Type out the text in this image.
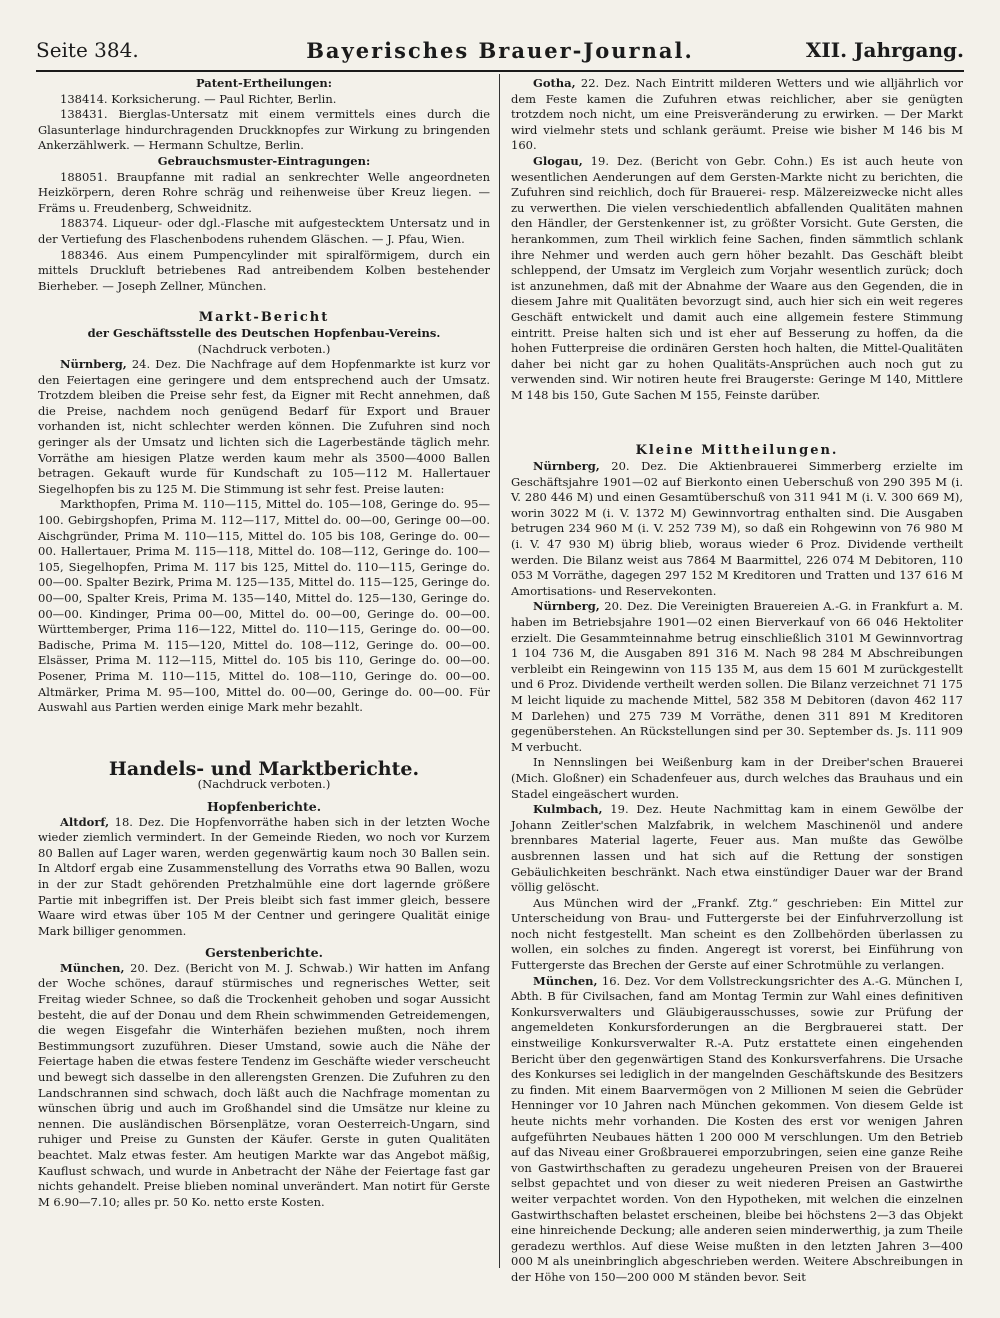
Seite 384.	Bayerisches Brauer-Journal.	XII. Jahrgang.

Patent-Ertheilungen:

138414. Korksicherung. — Paul Richter, Berlin.

138431. Bierglas-Untersatz mit einem vermittels eines durch die Glasunterlage hindurchragenden Druckknopfes zur Wirkung zu bringenden Ankerzählwerk. — Hermann Schultze, Berlin.

Gebrauchsmuster-Eintragungen:

188051. Braupfanne mit radial an senkrechter Welle angeordneten Heizkörpern, deren Rohre schräg und reihenweise über Kreuz liegen. — Främs u. Freudenberg, Schweidnitz.

188374. Liqueur- oder dgl.-Flasche mit aufgestecktem Untersatz und in der Vertiefung des Flaschenbodens ruhendem Gläschen. — J. Pfau, Wien.

188346. Aus einem Pumpencylinder mit spiralförmigem, durch ein mittels Druckluft betriebenes Rad antreibendem Kolben bestehender Bierheber. — Joseph Zellner, München.

Markt-Bericht

der Geschäftsstelle des Deutschen Hopfenbau-Vereins.

(Nachdruck verboten.)

Nürnberg, 24. Dez. Die Nachfrage auf dem Hopfenmarkte ist kurz vor den Feiertagen eine geringere und dem entsprechend auch der Umsatz. Trotzdem bleiben die Preise sehr fest, da Eigner mit Recht annehmen, daß die Preise, nachdem noch genügend Bedarf für Export und Brauer vorhanden ist, nicht schlechter werden können. Die Zufuhren sind noch geringer als der Umsatz und lichten sich die Lagerbestände täglich mehr. Vorräthe am hiesigen Platze werden kaum mehr als 3500—4000 Ballen betragen. Gekauft wurde für Kundschaft zu 105—112 M. Hallertauer Siegelhopfen bis zu 125 M. Die Stimmung ist sehr fest. Preise lauten:

Markthopfen, Prima M. 110—115, Mittel do. 105—108, Geringe do. 95—100. Gebirgshopfen, Prima M. 112—117, Mittel do. 00—00, Geringe 00—00. Aischgründer, Prima M. 110—115, Mittel do. 105 bis 108, Geringe do. 00—00. Hallertauer, Prima M. 115—118, Mittel do. 108—112, Geringe do. 100—105, Siegelhopfen, Prima M. 117 bis 125, Mittel do. 110—115, Geringe do. 00—00. Spalter Bezirk, Prima M. 125—135, Mittel do. 115—125, Geringe do. 00—00, Spalter Kreis, Prima M. 135—140, Mittel do. 125—130, Geringe do. 00—00. Kindinger, Prima 00—00, Mittel do. 00—00, Geringe do. 00—00. Württemberger, Prima 116—122, Mittel do. 110—115, Geringe do. 00—00. Badische, Prima M. 115—120, Mittel do. 108—112, Geringe do. 00—00. Elsässer, Prima M. 112—115, Mittel do. 105 bis 110, Geringe do. 00—00. Posener, Prima M. 110—115, Mittel do. 108—110, Geringe do. 00—00. Altmärker, Prima M. 95—100, Mittel do. 00—00, Geringe do. 00—00. Für Auswahl aus Partien werden einige Mark mehr bezahlt.

Handels- und Marktberichte.

(Nachdruck verboten.)

Hopfenberichte.

Altdorf, 18. Dez. Die Hopfenvorräthe haben sich in der letzten Woche wieder ziemlich vermindert. In der Gemeinde Rieden, wo noch vor Kurzem 80 Ballen auf Lager waren, werden gegenwärtig kaum noch 30 Ballen sein. In Altdorf ergab eine Zusammenstellung des Vorraths etwa 90 Ballen, wozu in der zur Stadt gehörenden Pretzhalmühle eine dort lagernde größere Partie mit inbegriffen ist. Der Preis bleibt sich fast immer gleich, bessere Waare wird etwas über 105 M der Centner und geringere Qualität einige Mark billiger genommen.

Gerstenberichte.

München, 20. Dez. (Bericht von M. J. Schwab.) Wir hatten im Anfang der Woche schönes, darauf stürmisches und regnerisches Wetter, seit Freitag wieder Schnee, so daß die Trockenheit gehoben und sogar Aussicht besteht, die auf der Donau und dem Rhein schwimmenden Getreidemengen, die wegen Eisgefahr die Winterhäfen beziehen mußten, noch ihrem Bestimmungsort zuzuführen. Dieser Umstand, sowie auch die Nähe der Feiertage haben die etwas festere Tendenz im Geschäfte wieder verscheucht und bewegt sich dasselbe in den allerengsten Grenzen. Die Zufuhren zu den Landschrannen sind schwach, doch läßt auch die Nachfrage momentan zu wünschen übrig und auch im Großhandel sind die Umsätze nur kleine zu nennen. Die ausländischen Börsenplätze, voran Oesterreich-Ungarn, sind ruhiger und Preise zu Gunsten der Käufer. Gerste in guten Qualitäten beachtet. Malz etwas fester. Am heutigen Markte war das Angebot mäßig, Kauflust schwach, und wurde in Anbetracht der Nähe der Feiertage fast gar nichts gehandelt. Preise blieben nominal unverändert. Man notirt für Gerste M 6.90—7.10; alles pr. 50 Ko. netto erste Kosten.

Gotha, 22. Dez. Nach Eintritt milderen Wetters und wie alljährlich vor dem Feste kamen die Zufuhren etwas reichlicher, aber sie genügten trotzdem noch nicht, um eine Preisveränderung zu erwirken. — Der Markt wird vielmehr stets und schlank geräumt. Preise wie bisher M 146 bis M 160.

Glogau, 19. Dez. (Bericht von Gebr. Cohn.) Es ist auch heute von wesentlichen Aenderungen auf dem Gersten-Markte nicht zu berichten, die Zufuhren sind reichlich, doch für Brauerei- resp. Mälzereizwecke nicht alles zu verwerthen. Die vielen verschiedentlich abfallenden Qualitäten mahnen den Händler, der Gerstenkenner ist, zu größter Vorsicht. Gute Gersten, die herankommen, zum Theil wirklich feine Sachen, finden sämmtlich schlank ihre Nehmer und werden auch gern höher bezahlt. Das Geschäft bleibt schleppend, der Umsatz im Vergleich zum Vorjahr wesentlich zurück; doch ist anzunehmen, daß mit der Abnahme der Waare aus den Gegenden, die in diesem Jahre mit Qualitäten bevorzugt sind, auch hier sich ein weit regeres Geschäft entwickelt und damit auch eine allgemein festere Stimmung eintritt. Preise halten sich und ist eher auf Besserung zu hoffen, da die hohen Futterpreise die ordinären Gersten hoch halten, die Mittel-Qualitäten daher bei nicht gar zu hohen Qualitäts-Ansprüchen auch noch gut zu verwenden sind. Wir notiren heute frei Braugerste: Geringe M 140, Mittlere M 148 bis 150, Gute Sachen M 155, Feinste darüber.

Kleine Mittheilungen.

Nürnberg, 20. Dez. Die Aktienbrauerei Simmerberg erzielte im Geschäftsjahre 1901—02 auf Bierkonto einen Ueberschuß von 290 395 M (i. V. 280 446 M) und einen Gesamtüberschuß von 311 941 M (i. V. 300 669 M), worin 3022 M (i. V. 1372 M) Gewinnvortrag enthalten sind. Die Ausgaben betrugen 234 960 M (i. V. 252 739 M), so daß ein Rohgewinn von 76 980 M (i. V. 47 930 M) übrig blieb, woraus wieder 6 Proz. Dividende vertheilt werden. Die Bilanz weist aus 7864 M Baarmittel, 226 074 M Debitoren, 110 053 M Vorräthe, dagegen 297 152 M Kreditoren und Tratten und 137 616 M Amortisations- und Reservekonten.

Nürnberg, 20. Dez. Die Vereinigten Brauereien A.-G. in Frankfurt a. M. haben im Betriebsjahre 1901—02 einen Bierverkauf von 66 046 Hektoliter erzielt. Die Gesammteinnahme betrug einschließlich 3101 M Gewinnvortrag 1 104 736 M, die Ausgaben 891 316 M. Nach 98 284 M Abschreibungen verbleibt ein Reingewinn von 115 135 M, aus dem 15 601 M zurückgestellt und 6 Proz. Dividende vertheilt werden sollen. Die Bilanz verzeichnet 71 175 M leicht liquide zu machende Mittel, 582 358 M Debitoren (davon 462 117 M Darlehen) und 275 739 M Vorräthe, denen 311 891 M Kreditoren gegenüberstehen. An Rückstellungen sind per 30. September ds. Js. 111 909 M verbucht.

In Nennslingen bei Weißenburg kam in der Dreiber'schen Brauerei (Mich. Gloßner) ein Schadenfeuer aus, durch welches das Brauhaus und ein Stadel eingeäschert wurden.

Kulmbach, 19. Dez. Heute Nachmittag kam in einem Gewölbe der Johann Zeitler'schen Malzfabrik, in welchem Maschinenöl und andere brennbares Material lagerte, Feuer aus. Man mußte das Gewölbe ausbrennen lassen und hat sich auf die Rettung der sonstigen Gebäulichkeiten beschränkt. Nach etwa einstündiger Dauer war der Brand völlig gelöscht.

Aus München wird der „Frankf. Ztg.“ geschrieben: Ein Mittel zur Unterscheidung von Brau- und Futtergerste bei der Einfuhrverzollung ist noch nicht festgestellt. Man scheint es den Zollbehörden überlassen zu wollen, ein solches zu finden. Angeregt ist vorerst, bei Einführung von Futtergerste das Brechen der Gerste auf einer Schrotmühle zu verlangen.

München, 16. Dez. Vor dem Vollstreckungsrichter des A.-G. München I, Abth. B für Civilsachen, fand am Montag Termin zur Wahl eines definitiven Konkursverwalters und Gläubigerausschusses, sowie zur Prüfung der angemeldeten Konkursforderungen an die Bergbrauerei statt. Der einstweilige Konkursverwalter R.-A. Putz erstattete einen eingehenden Bericht über den gegenwärtigen Stand des Konkursverfahrens. Die Ursache des Konkurses sei lediglich in der mangelnden Geschäftskunde des Besitzers zu finden. Mit einem Baarvermögen von 2 Millionen M seien die Gebrüder Henninger vor 10 Jahren nach München gekommen. Von diesem Gelde ist heute nichts mehr vorhanden. Die Kosten des erst vor wenigen Jahren aufgeführten Neubaues hätten 1 200 000 M verschlungen. Um den Betrieb auf das Niveau einer Großbrauerei emporzubringen, seien eine ganze Reihe von Gastwirthschaften zu geradezu ungeheuren Preisen von der Brauerei selbst gepachtet und von dieser zu weit niederen Preisen an Gastwirthe weiter verpachtet worden. Von den Hypotheken, mit welchen die einzelnen Gastwirthschaften belastet erscheinen, bleibe bei höchstens 2—3 das Objekt eine hinreichende Deckung; alle anderen seien minderwerthig, ja zum Theile geradezu werthlos. Auf diese Weise mußten in den letzten Jahren 3—400 000 M als uneinbringlich abgeschrieben werden. Weitere Abschreibungen in der Höhe von 150—200 000 M ständen bevor. Seit
